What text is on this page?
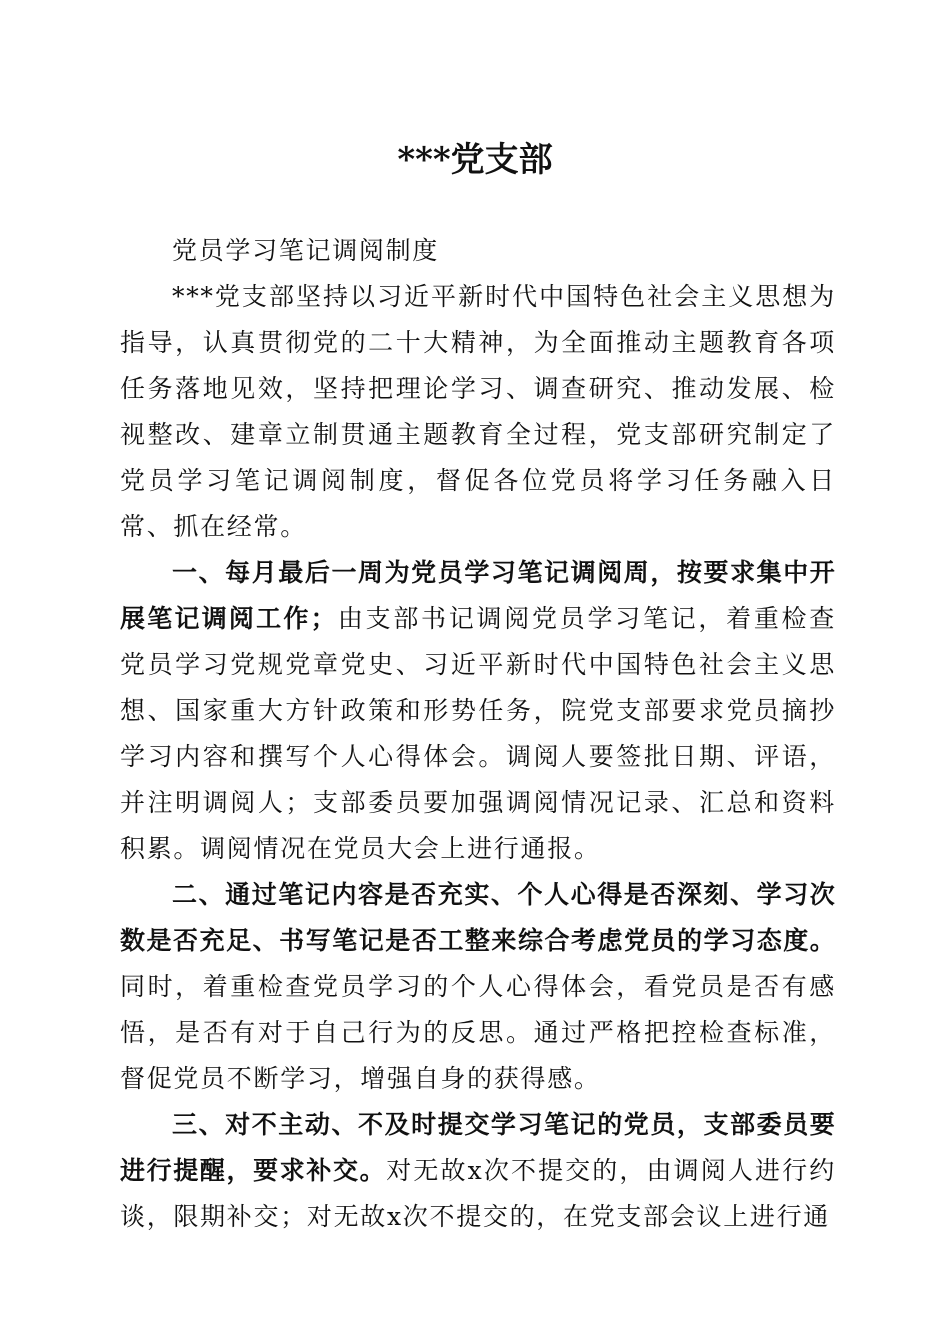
***党支部

党员学习笔记调阅制度

***党支部坚持以习近平新时代中国特色社会主义思想为指导，认真贯彻党的二十大精神，为全面推动主题教育各项任务落地见效，坚持把理论学习、调查研究、推动发展、检视整改、建章立制贯通主题教育全过程，党支部研究制定了党员学习笔记调阅制度，督促各位党员将学习任务融入日常、抓在经常。

一、每月最后一周为党员学习笔记调阅周，按要求集中开展笔记调阅工作；由支部书记调阅党员学习笔记，着重检查党员学习党规党章党史、习近平新时代中国特色社会主义思想、国家重大方针政策和形势任务，院党支部要求党员摘抄学习内容和撰写个人心得体会。调阅人要签批日期、评语，并注明调阅人；支部委员要加强调阅情况记录、汇总和资料积累。调阅情况在党员大会上进行通报。

二、通过笔记内容是否充实、个人心得是否深刻、学习次数是否充足、书写笔记是否工整来综合考虑党员的学习态度。同时，着重检查党员学习的个人心得体会，看党员是否有感悟，是否有对于自己行为的反思。通过严格把控检查标准，督促党员不断学习，增强自身的获得感。

三、对不主动、不及时提交学习笔记的党员，支部委员要进行提醒，要求补交。对无故x次不提交的，由调阅人进行约谈，限期补交；对无故x次不提交的，在党支部会议上进行通
